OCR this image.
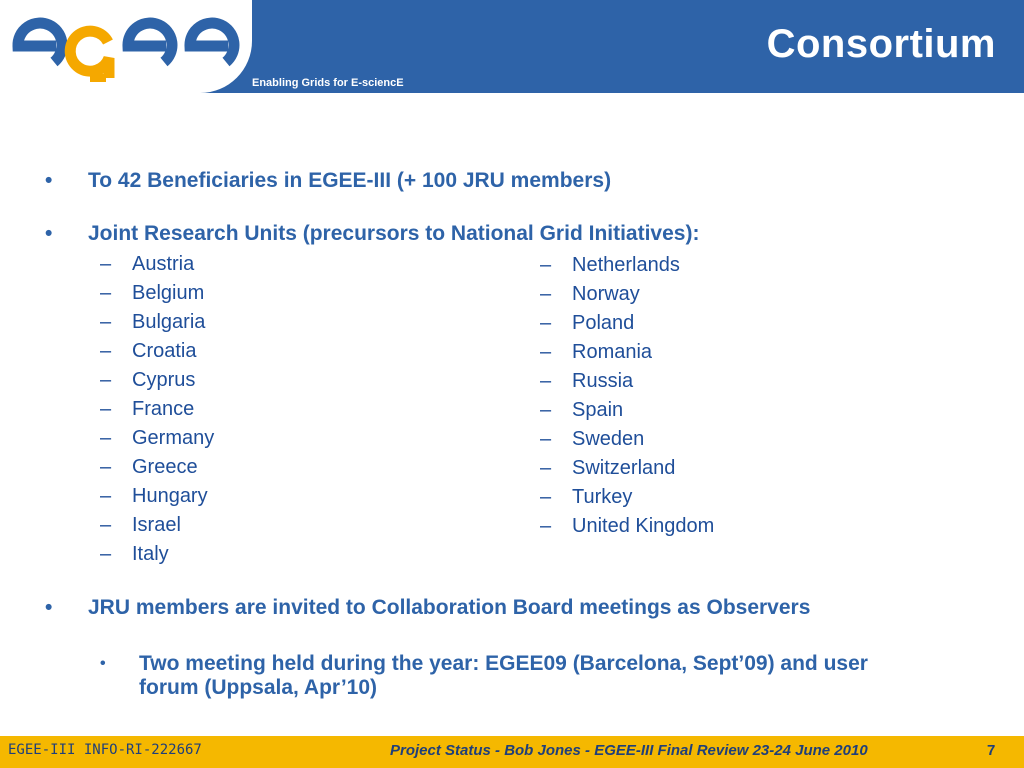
Consortium
Enabling Grids for E-sciencE
• To 42 Beneficiaries in EGEE-III (+ 100 JRU members)
• Joint Research Units (precursors to National Grid Initiatives):
– Austria
– Belgium
– Bulgaria
– Croatia
– Cyprus
– France
– Germany
– Greece
– Hungary
– Israel
– Italy
– Netherlands
– Norway
– Poland
– Romania
– Russia
– Spain
– Sweden
– Switzerland
– Turkey
– United Kingdom
• JRU members are invited to Collaboration Board meetings as Observers
• Two meeting held during the year: EGEE09 (Barcelona, Sept’09) and user forum (Uppsala, Apr’10)
EGEE-III INFO-RI-222667	Project Status - Bob Jones - EGEE-III Final Review 23-24 June 2010	7
